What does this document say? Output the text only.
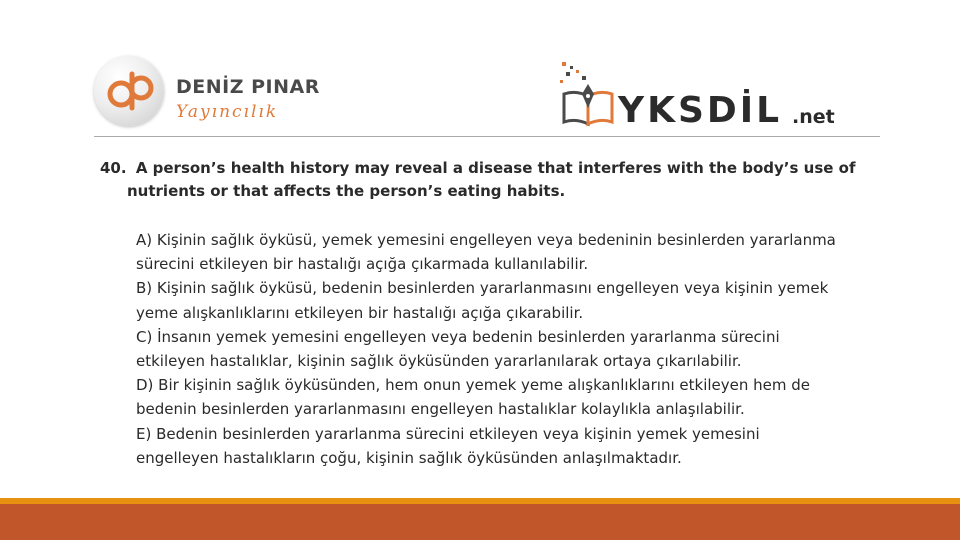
DENİZ PINAR
Yayıncılık	YKSDİL .net
40. A person’s health history may reveal a disease that interferes with the body’s use of
nutrients or that affects the person’s eating habits.
A) Kişinin sağlık öyküsü, yemek yemesini engelleyen veya bedeninin besinlerden yararlanma
sürecini etkileyen bir hastalığı açığa çıkarmada kullanılabilir.
B) Kişinin sağlık öyküsü, bedenin besinlerden yararlanmasını engelleyen veya kişinin yemek
yeme alışkanlıklarını etkileyen bir hastalığı açığa çıkarabilir.
C) İnsanın yemek yemesini engelleyen veya bedenin besinlerden yararlanma sürecini
etkileyen hastalıklar, kişinin sağlık öyküsünden yararlanılarak ortaya çıkarılabilir.
D) Bir kişinin sağlık öyküsünden, hem onun yemek yeme alışkanlıklarını etkileyen hem de
bedenin besinlerden yararlanmasını engelleyen hastalıklar kolaylıkla anlaşılabilir.
E) Bedenin besinlerden yararlanma sürecini etkileyen veya kişinin yemek yemesini
engelleyen hastalıkların çoğu, kişinin sağlık öyküsünden anlaşılmaktadır.
